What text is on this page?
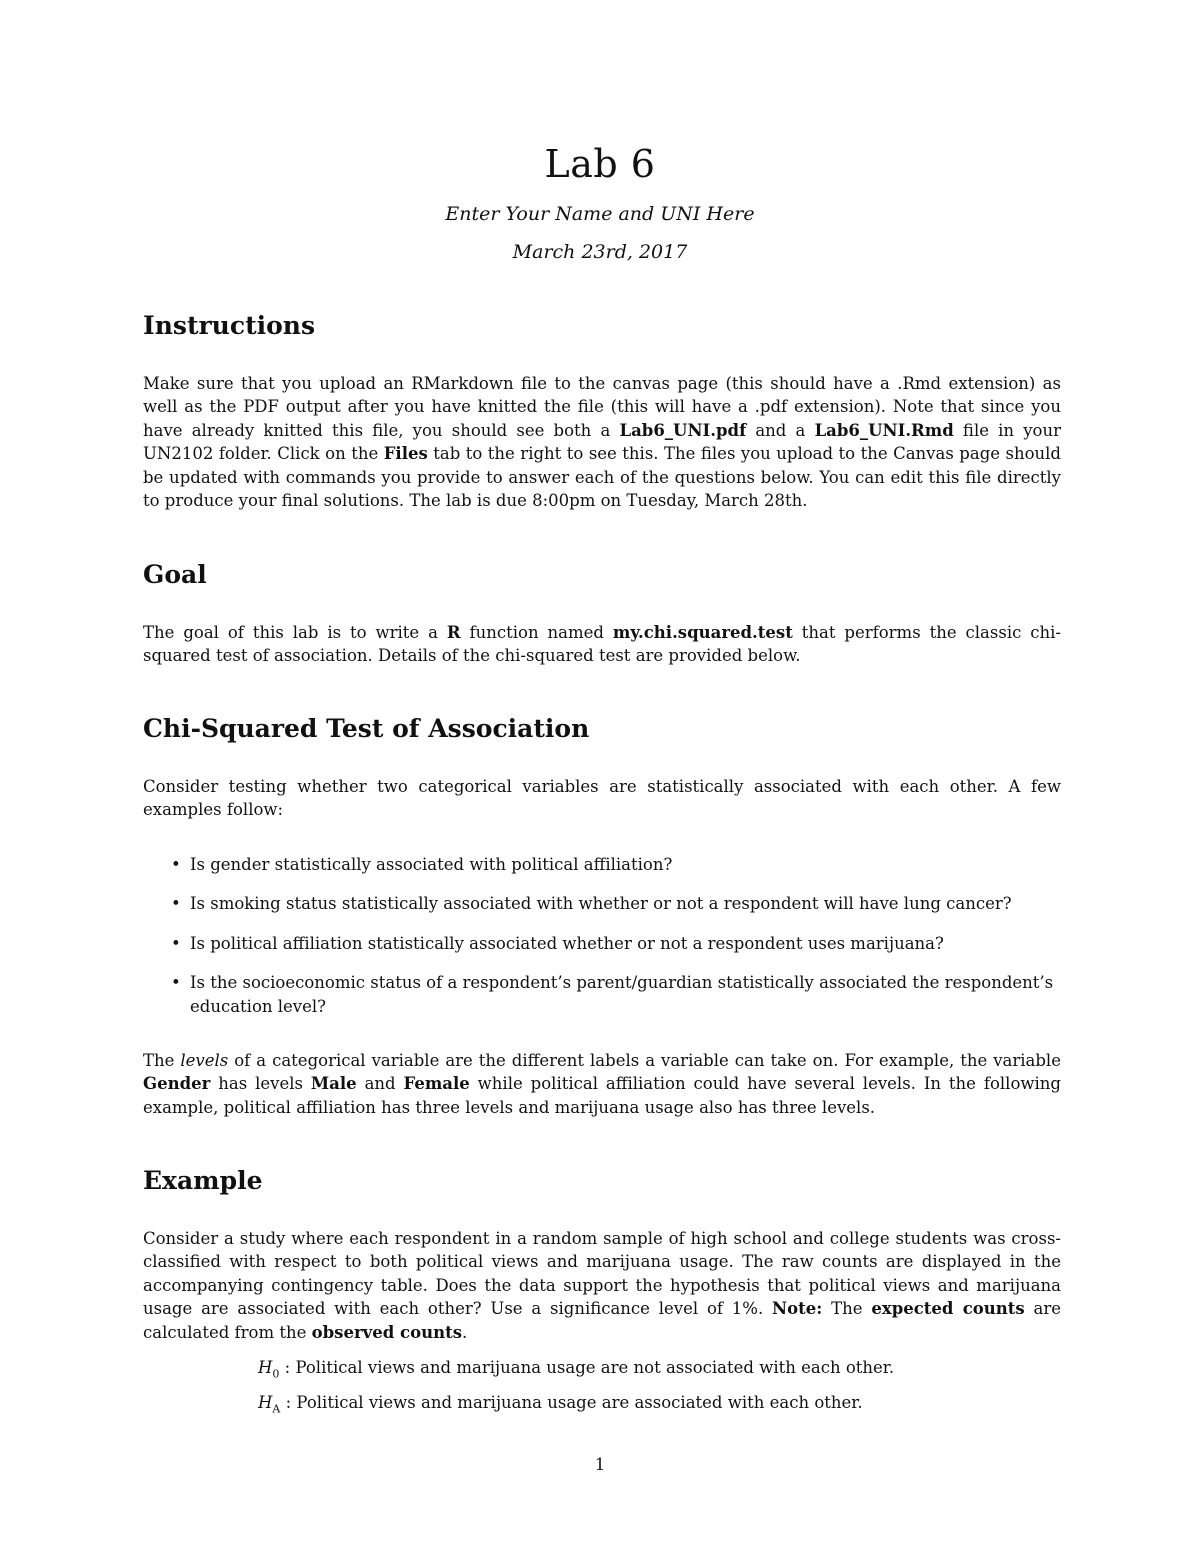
Lab 6
Enter Your Name and UNI Here
March 23rd, 2017
Instructions

Make sure that you upload an RMarkdown file to the canvas page (this should have a .Rmd extension) as well as the PDF output after you have knitted the file (this will have a .pdf extension). Note that since you have already knitted this file, you should see both a Lab6_UNI.pdf and a Lab6_UNI.Rmd file in your UN2102 folder. Click on the Files tab to the right to see this. The files you upload to the Canvas page should be updated with commands you provide to answer each of the questions below. You can edit this file directly to produce your final solutions. The lab is due 8:00pm on Tuesday, March 28th.

Goal

The goal of this lab is to write a R function named my.chi.squared.test that performs the classic chi-squared test of association. Details of the chi-squared test are provided below.

Chi-Squared Test of Association

Consider testing whether two categorical variables are statistically associated with each other. A few examples follow:

• Is gender statistically associated with political affiliation?
• Is smoking status statistically associated with whether or not a respondent will have lung cancer?
• Is political affiliation statistically associated whether or not a respondent uses marijuana?
• Is the socioeconomic status of a respondent’s parent/guardian statistically associated the respondent’s education level?

The levels of a categorical variable are the different labels a variable can take on. For example, the variable Gender has levels Male and Female while political affiliation could have several levels. In the following example, political affiliation has three levels and marijuana usage also has three levels.

Example

Consider a study where each respondent in a random sample of high school and college students was cross-classified with respect to both political views and marijuana usage. The raw counts are displayed in the accompanying contingency table. Does the data support the hypothesis that political views and marijuana usage are associated with each other? Use a significance level of 1%. Note: The expected counts are calculated from the observed counts.

$H_0$ : Political views and marijuana usage are not associated with each other.
$H_A$ : Political views and marijuana usage are associated with each other.
1
